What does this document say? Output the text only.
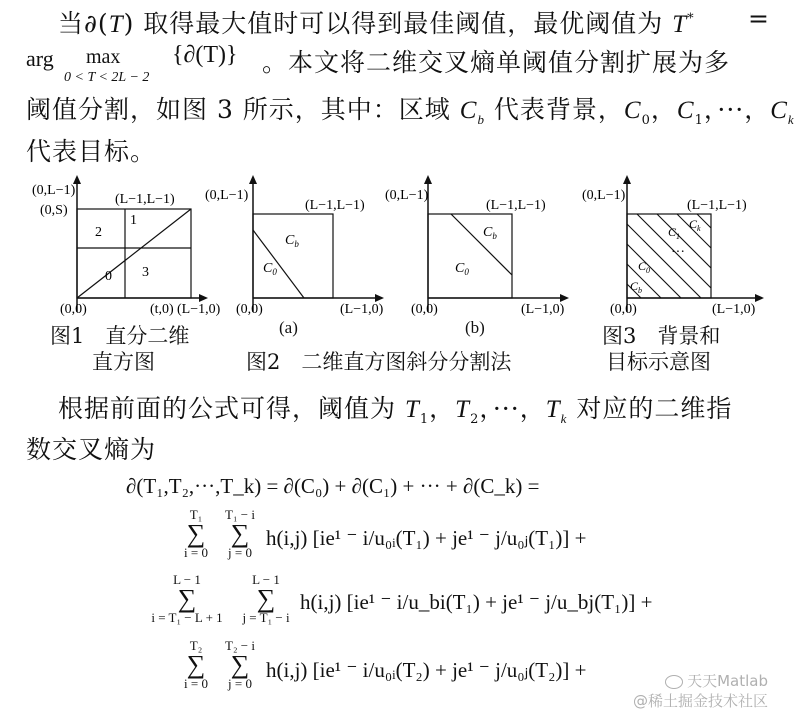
当∂(T) 取得最大值时可以得到最佳阈值，最优阈值为 T* =
arg max
0 < T < 2L − 2
{∂(T)} 。本文将二维交叉熵单阈值分割扩展为多
阈值分割，如图 3 所示，其中：区域 $C_b$ 代表背景，$C_0$，$C_1$，···，$C_k$
代表目标。
(0,L−1)
(L−1,L−1)
(0,S)
1
2
0 3
(0,0)	(t,0) (L−1,0)
(0,L−1)
(L−1,L−1)
$C_b$
$C_0$
(0,0)	(L−1,0)
(a)
(0,L−1)
(L−1,L−1)
$C_b$
$C_0$
(0,0)	(L−1,0)
(b)
(0,L−1)
(L−1,L−1)
$C_k$
$C_1$
···
$C_0$
$C_b$
(0,0)	(L−1,0)
图1　直分二维
直方图	图2　二维直方图斜分分割法
图3　背景和
目标示意图
根据前面的公式可得，阈值为 $T_1$，$T_2$，···，$T_k$ 对应的二维指
数交叉熵为
∂(T₁,T₂,···,T_k) = ∂(C₀) + ∂(C₁) + ··· + ∂(C_k) =
T₁
∑
i = 0
T₁ − i
∑
j = 0
h(i,j) [ie¹ ⁻ i/u₀ᵢ(T₁) + je¹ ⁻ j/u₀ⱼ(T₁)] +
L − 1
∑
i = T₁ − L + 1
L − 1
∑
j = T₁ − i
h(i,j) [ie¹ ⁻ i/u_bi(T₁) + je¹ ⁻ j/u_bj(T₁)] +
T₂
∑
i = 0
T₂ − i
∑
j = 0
h(i,j) [ie¹ ⁻ i/u₀ᵢ(T₂) + je¹ ⁻ j/u₀ⱼ(T₂)] +	天天Matlab
@稀土掘金技术社区
